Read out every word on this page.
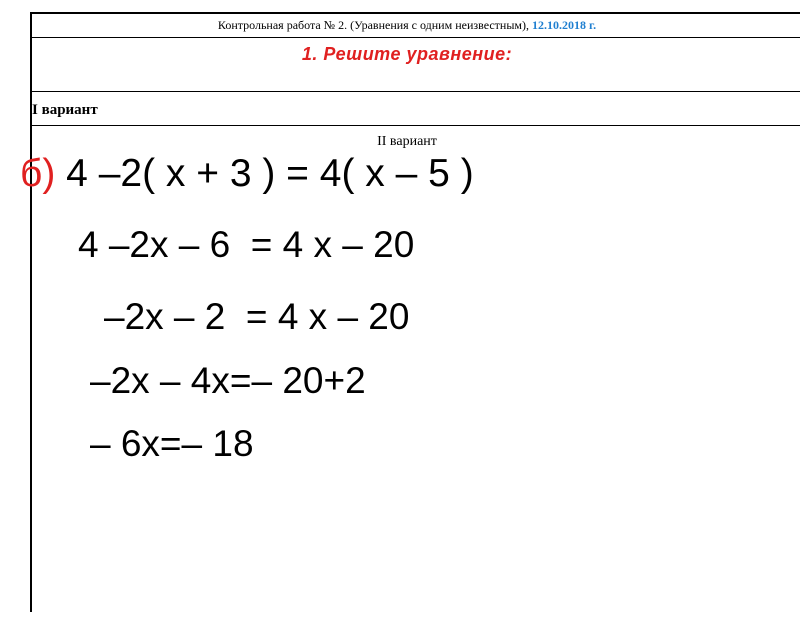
Контрольная работа № 2. (Уравнения с одним неизвестным), 12.10.2018 г.
1. Решите уравнение:
I вариант
II вариант
б) 4 –2( x + 3 ) = 4( x – 5 )
4 –2x – 6  = 4 x – 20
–2x – 2  = 4 x – 20
–2x – 4x=– 20+2
– 6x=– 18
